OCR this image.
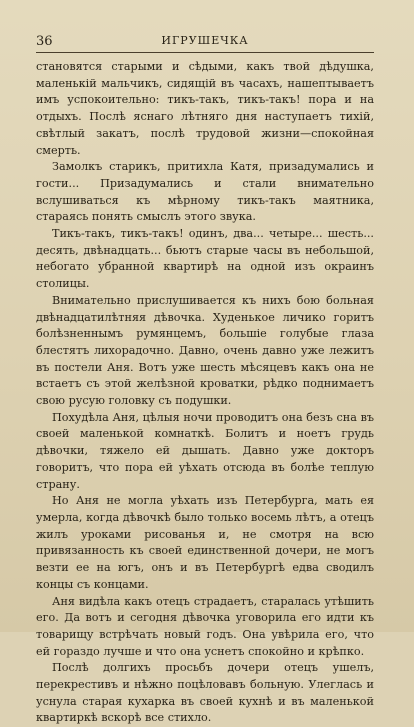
36	ИГРУШЕЧКА

становятся старыми и сѣдыми, какъ твой дѣдушка, маленькій мальчикъ, сидящій въ часахъ, нашептываетъ имъ успокоительно: тикъ-такъ, тикъ-такъ! пора и на отдыхъ. Послѣ яснаго лѣтняго дня наступаетъ тихій, свѣтлый закатъ, послѣ трудовой жизни—спокойная смерть.

Замолкъ старикъ, притихла Катя, призадумались и гости... Призадумались и стали внимательно вслушиваться къ мѣрному тикъ-такъ маятника, стараясь понять смыслъ этого звука.

Тикъ-такъ, тикъ-такъ! одинъ, два... четыре... шесть... десять, двѣнадцать... бьютъ старые часы въ небольшой, небогато убранной квартирѣ на одной изъ окраинъ столицы.

Внимательно прислушивается къ нихъ бою больная двѣнадцатилѣтняя дѣвочка. Худенькое личико горитъ болѣзненнымъ румянцемъ, большіе голубые глаза блестятъ лихорадочно. Давно, очень давно уже лежитъ въ постели Аня. Вотъ уже шесть мѣсяцевъ какъ она не встаетъ съ этой желѣзной кроватки, рѣдко поднимаетъ свою русую головку съ подушки.

Похудѣла Аня, цѣлыя ночи проводитъ она безъ сна въ своей маленькой комнаткѣ. Болитъ и ноетъ грудь дѣвочки, тяжело ей дышать. Давно уже докторъ говоритъ, что пора ей уѣхать отсюда въ болѣе теплую страну.

Но Аня не могла уѣхать изъ Петербурга, мать ея умерла, когда дѣвочкѣ было только восемь лѣтъ, а отецъ жилъ уроками рисованья и, не смотря на всю привязанность къ своей единственной дочери, не могъ везти ее на югъ, онъ и въ Петербургѣ едва сводилъ концы съ концами.

Аня видѣла какъ отецъ страдаетъ, старалась утѣшить его. Да вотъ и сегодня дѣвочка уговорила его идти къ товарищу встрѣчать новый годъ. Она увѣрила его, что ей гораздо лучше и что она уснетъ спокойно и крѣпко.

Послѣ долгихъ просьбъ дочери отецъ ушелъ, перекрестивъ и нѣжно поцѣловавъ больную. Улеглась и уснула старая кухарка въ своей кухнѣ и въ маленькой квартиркѣ вскорѣ все стихло.
